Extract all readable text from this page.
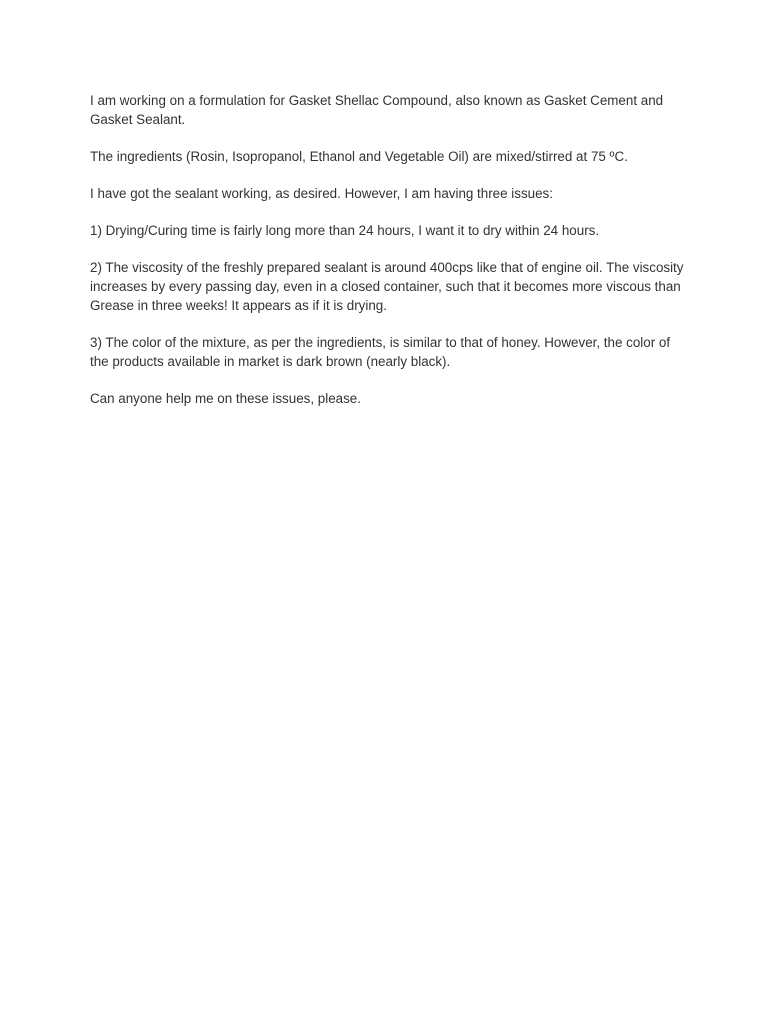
I am working on a formulation for Gasket Shellac Compound, also known as Gasket Cement and Gasket Sealant.

The ingredients (Rosin, Isopropanol, Ethanol and Vegetable Oil) are mixed/stirred at 75 ºC.

I have got the sealant working, as desired. However, I am having three issues:

1) Drying/Curing time is fairly long more than 24 hours, I want it to dry within 24 hours.

2) The viscosity of the freshly prepared sealant is around 400cps like that of engine oil. The viscosity increases by every passing day, even in a closed container, such that it becomes more viscous than Grease in three weeks! It appears as if it is drying.

3) The color of the mixture, as per the ingredients, is similar to that of honey. However, the color of the products available in market is dark brown (nearly black).

Can anyone help me on these issues, please.
